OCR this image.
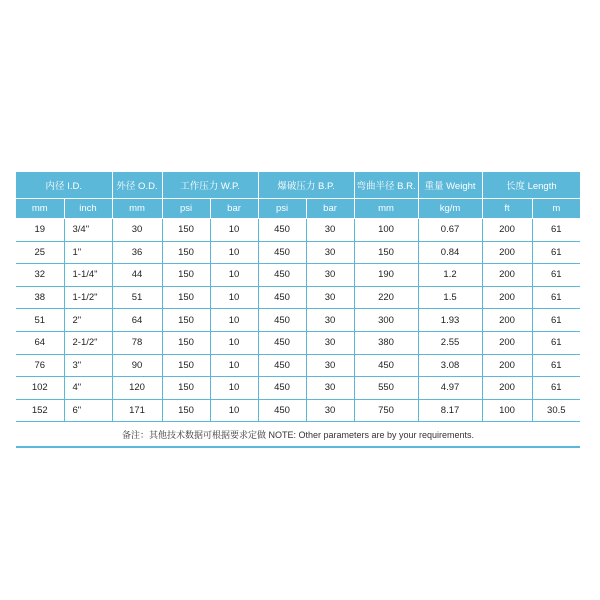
内径 I.D.		外径 O.D.	工作压力 W.P.		爆破压力 B.P.		弯曲半径 B.R.	重量 Weight	长度 Length	
mm	inch	mm	psi	bar	psi	bar	mm	kg/m	ft	m
19	3/4"	30	150	10	450	30	100	0.67	200	61
25	1"	36	150	10	450	30	150	0.84	200	61
32	1-1/4"	44	150	10	450	30	190	1.2	200	61
38	1-1/2"	51	150	10	450	30	220	1.5	200	61
51	2"	64	150	10	450	30	300	1.93	200	61
64	2-1/2"	78	150	10	450	30	380	2.55	200	61
76	3"	90	150	10	450	30	450	3.08	200	61
102	4"	120	150	10	450	30	550	4.97	200	61
152	6"	171	150	10	450	30	750	8.17	100	30.5
备注：其他技术数据可根据要求定做 NOTE: Other parameters are by your requirements.
